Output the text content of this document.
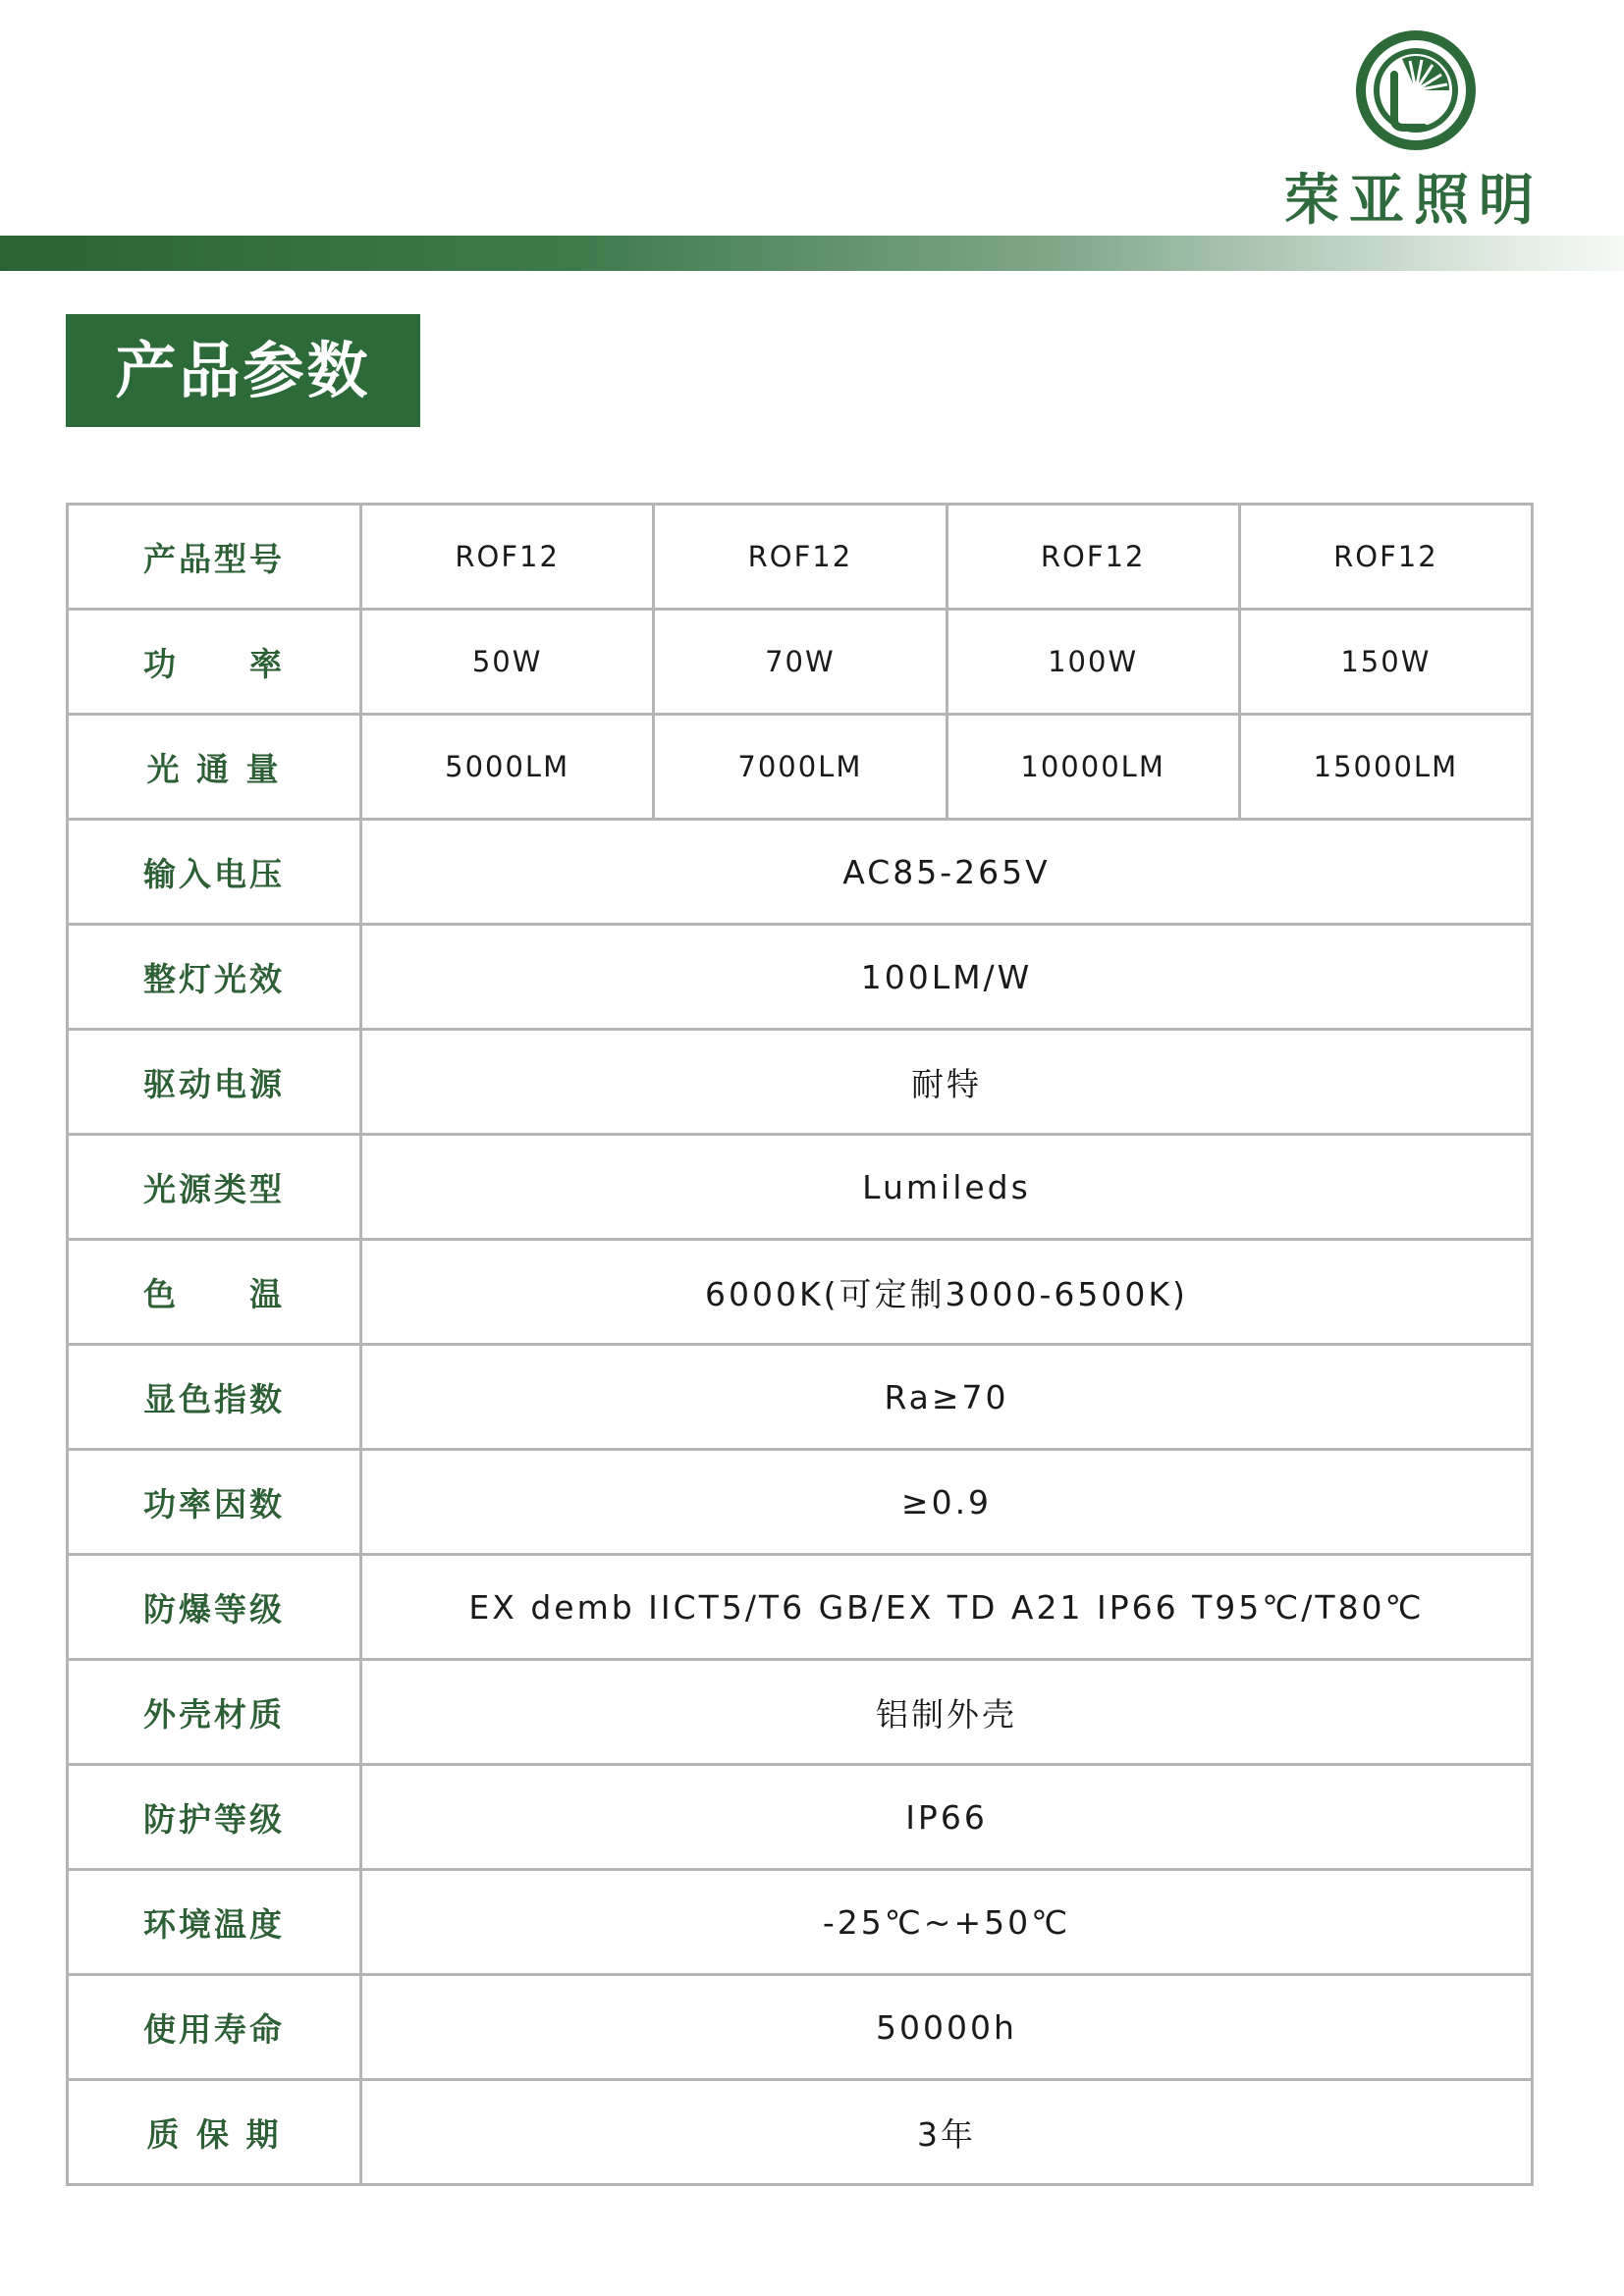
荣亚照明
产品参数
产品型号	ROF12	ROF12	ROF12	ROF12
功　　率	50W	70W	100W	150W
光 通 量	5000LM	7000LM	10000LM	15000LM
输入电压	AC85-265V			
整灯光效	100LM/W			
驱动电源	耐特			
光源类型	Lumileds			
色　　温	6000K(可定制3000-6500K)			
显色指数	Ra≥70			
功率因数	≥0.9			
防爆等级	EX demb IICT5/T6 GB/EX TD A21 IP66 T95℃/T80℃			
外壳材质	铝制外壳			
防护等级	IP66			
环境温度	-25℃~+50℃			
使用寿命	50000h			
质 保 期	3年			
